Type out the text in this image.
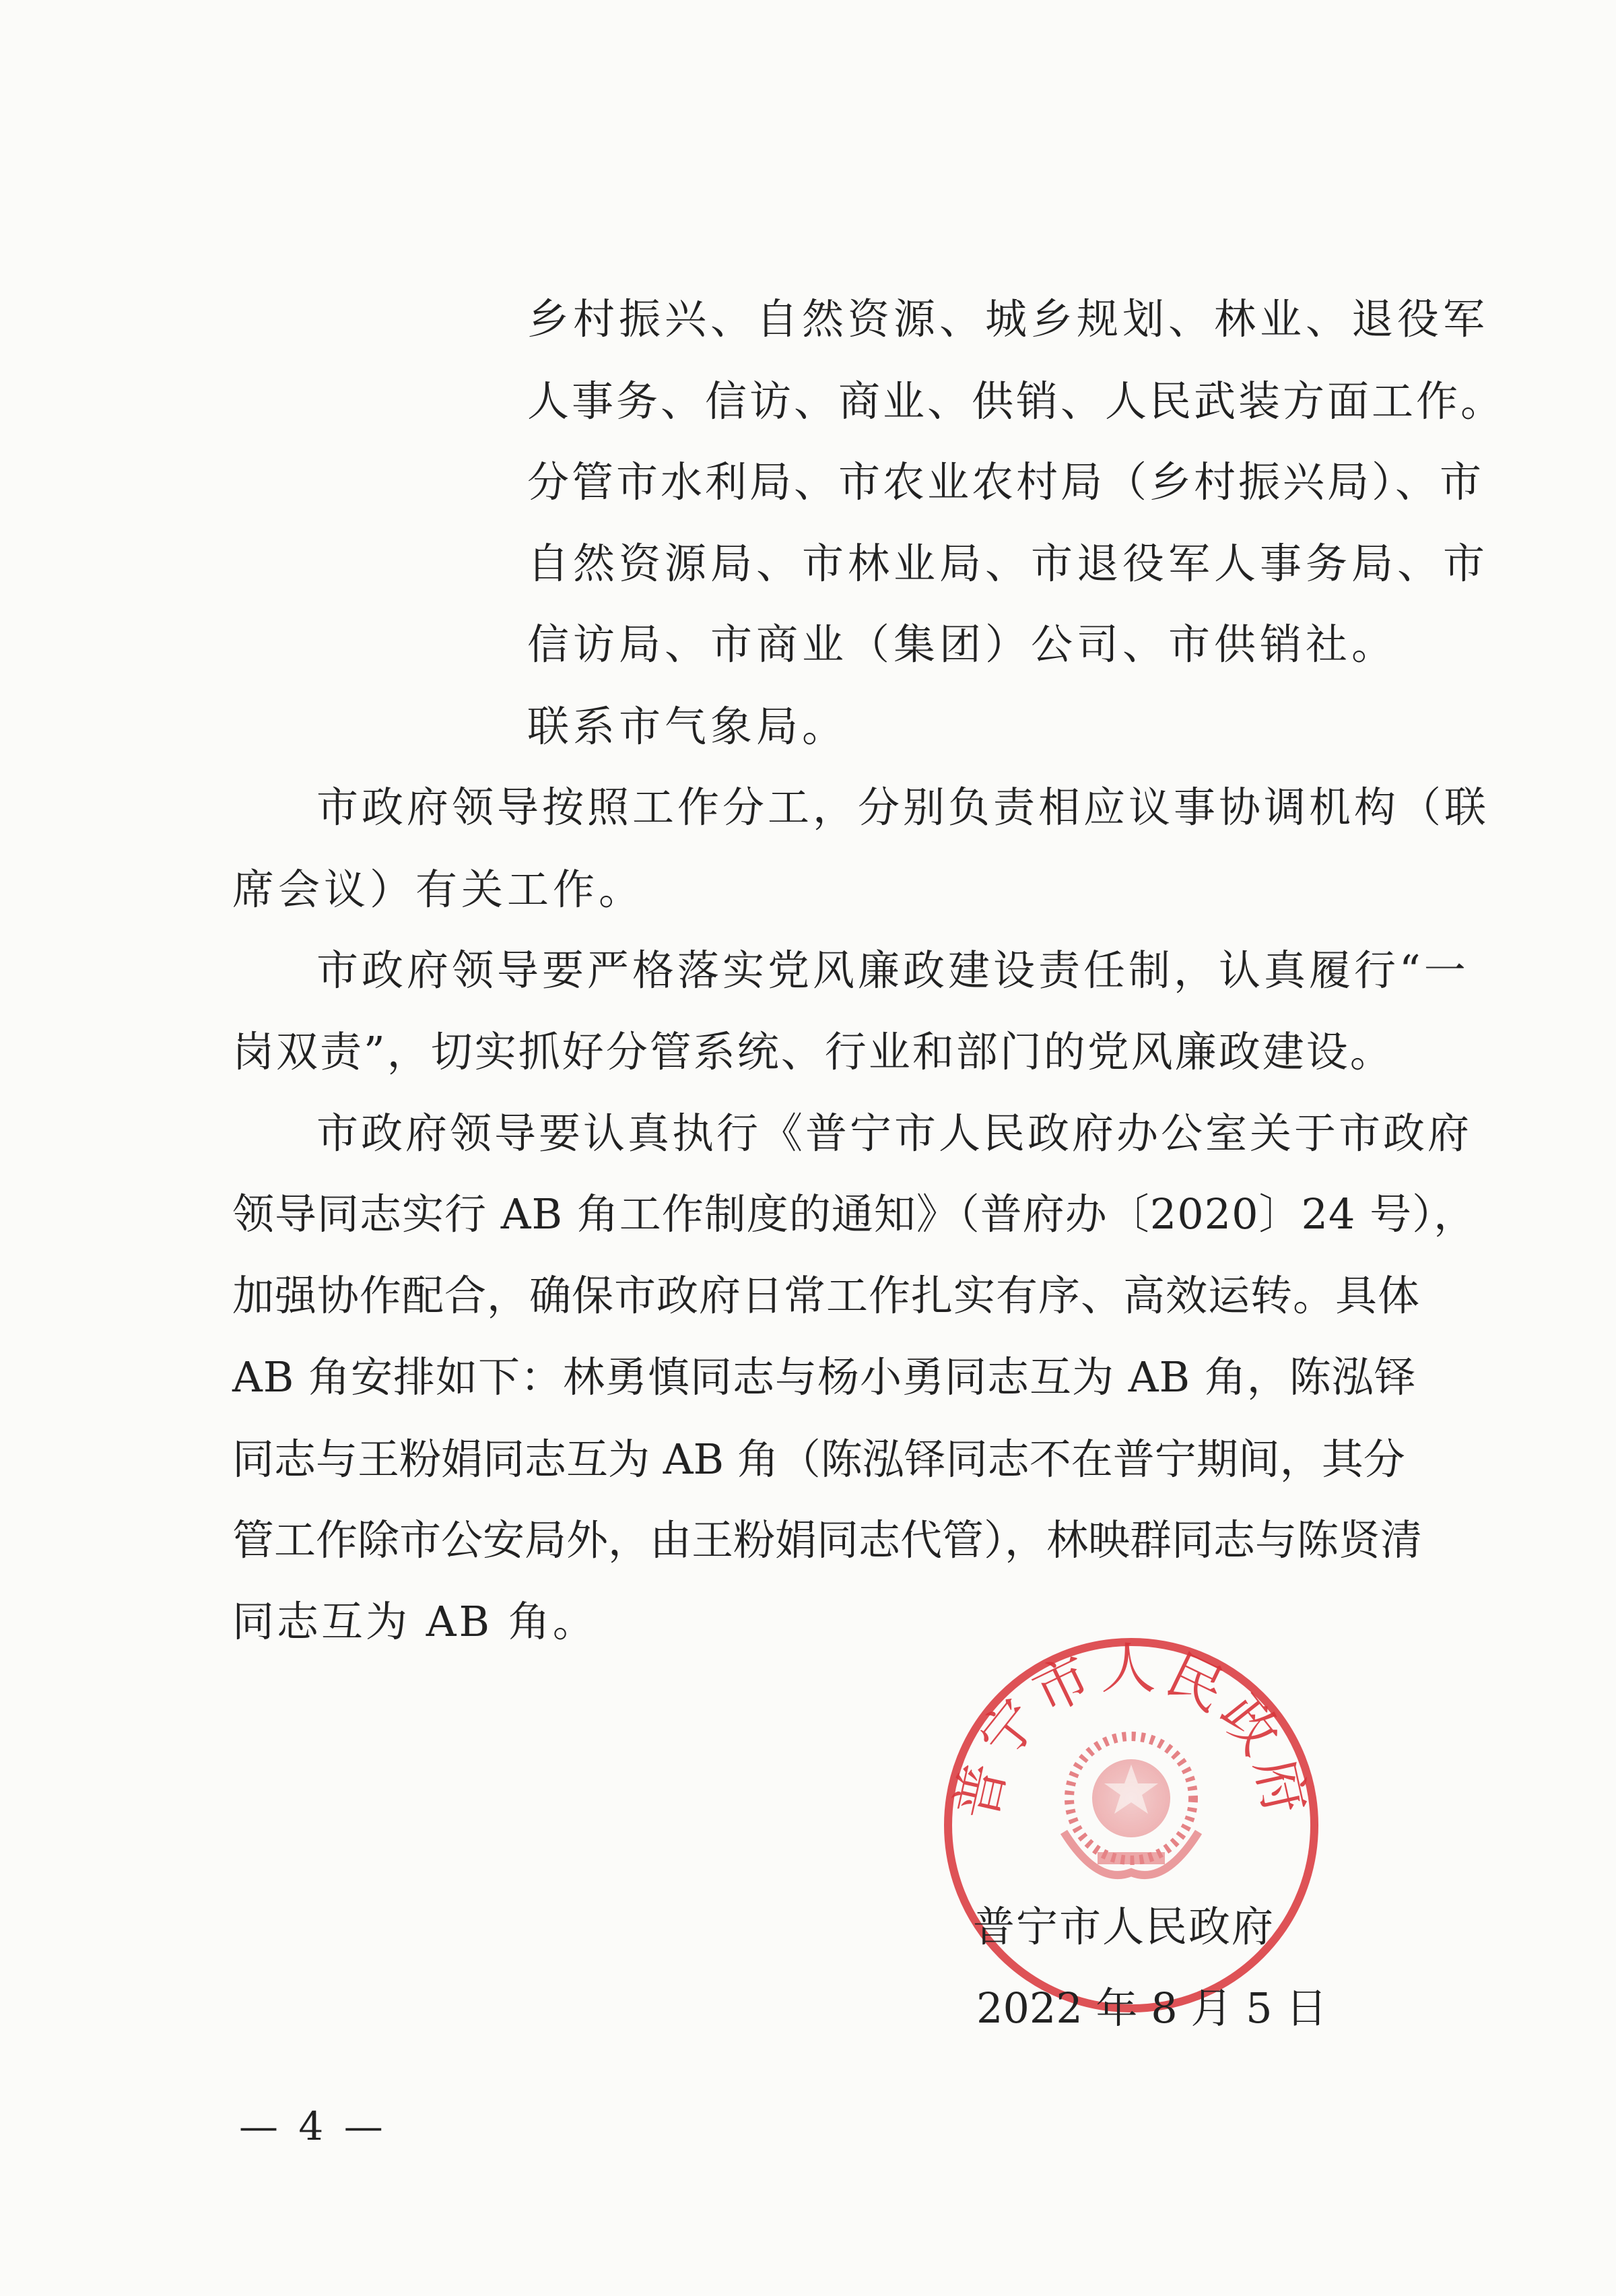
乡村振兴、自然资源、城乡规划、林业、退役军
人事务、信访、商业、供销、人民武装方面工作。
分管市水利局、市农业农村局（乡村振兴局）、市
自然资源局、市林业局、市退役军人事务局、市
信访局、市商业（集团）公司、市供销社。
联系市气象局。
市政府领导按照工作分工，分别负责相应议事协调机构（联
席会议）有关工作。
市政府领导要严格落实党风廉政建设责任制，认真履行“一
岗双责”，切实抓好分管系统、行业和部门的党风廉政建设。
市政府领导要认真执行《普宁市人民政府办公室关于市政府
领导同志实行 AB 角工作制度的通知》（普府办〔2020〕24 号），
加强协作配合，确保市政府日常工作扎实有序、高效运转。具体
AB 角安排如下：林勇慎同志与杨小勇同志互为 AB 角，陈泓铎
同志与王粉娟同志互为 AB 角（陈泓铎同志不在普宁期间，其分
管工作除市公安局外，由王粉娟同志代管），林映群同志与陈贤清
同志互为 AB 角。
普宁市人民政府
普宁市人民政府
2022 年 8 月 5 日
— 4 —
